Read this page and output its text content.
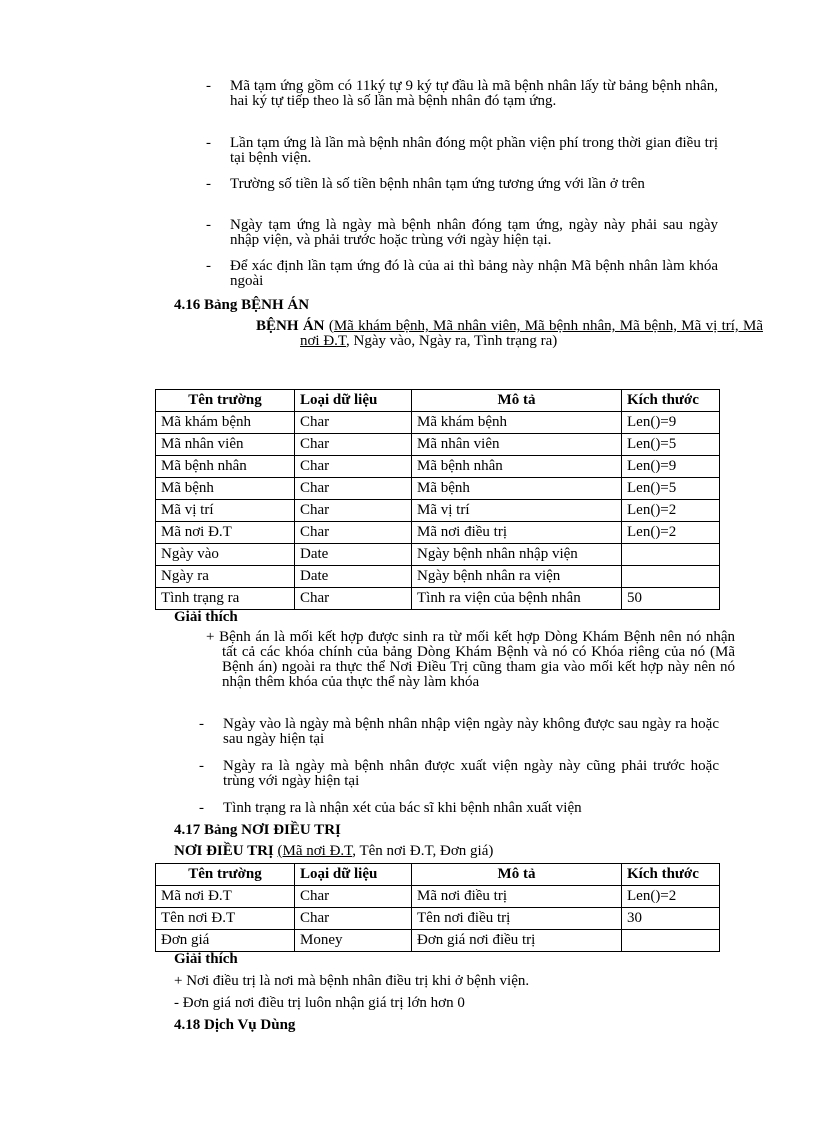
-	Mã tạm ứng gồm có 11ký tự 9 ký tự đầu là mã bệnh nhân lấy từ bảng bệnh nhân, hai ký tự tiếp theo là số lần mà bệnh nhân đó tạm ứng.
-	Lần tạm ứng là lần mà bệnh nhân đóng một phần viện phí trong thời gian điều trị tại bệnh viện.
-	Trường số tiền là số tiền bệnh nhân tạm ứng tương ứng với lần ở trên
-	Ngày tạm ứng là ngày mà bệnh nhân đóng tạm ứng, ngày này phải sau ngày nhập viện, và phải trước hoặc trùng với ngày hiện tại.
-	Để xác định lần tạm ứng đó là của ai thì bảng này nhận Mã bệnh nhân làm khóa ngoài
4.16 Bảng BỆNH ÁN
BỆNH ÁN (Mã khám bệnh, Mã nhân viên, Mã bệnh nhân, Mã bệnh, Mã vị trí, Mã nơi Đ.T, Ngày vào, Ngày ra, Tình trạng ra)
Tên trường	Loại dữ liệu	Mô tả	Kích thước
Mã khám bệnh	Char	Mã khám bệnh	Len()=9
Mã nhân viên	Char	Mã nhân viên	Len()=5
Mã bệnh nhân	Char	Mã bệnh nhân	Len()=9
Mã bệnh	Char	Mã bệnh	Len()=5
Mã vị trí	Char	Mã vị trí	Len()=2
Mã nơi Đ.T	Char	Mã nơi điều trị	Len()=2
Ngày vào	Date	Ngày bệnh nhân nhập viện	
Ngày ra	Date	Ngày bệnh nhân ra viện	
Tình trạng ra	Char	Tình ra viện của bệnh nhân	50
Giải thích
+ Bệnh án là mối kết hợp được sinh ra từ mối kết hợp Dòng Khám Bệnh nên nó nhận tất cả các khóa chính của bảng Dòng Khám Bệnh và nó có Khóa riêng của nó (Mã Bệnh án) ngoài ra thực thể Nơi Điều Trị cũng tham gia vào mối kết hợp này nên nó nhận thêm khóa của thực thể này làm khóa
-	Ngày vào là ngày mà bệnh nhân nhập viện ngày này không được sau ngày ra hoặc sau ngày hiện tại
-	Ngày ra là ngày mà bệnh nhân được xuất viện ngày này cũng phải trước hoặc trùng với ngày hiện tại
-	Tình trạng ra là nhận xét của bác sĩ khi bệnh nhân xuất viện
4.17 Bảng NƠI ĐIỀU TRỊ
NƠI ĐIỀU TRỊ (Mã nơi Đ.T, Tên nơi Đ.T, Đơn giá)
Tên trường	Loại dữ liệu	Mô tả	Kích thước
Mã nơi Đ.T	Char	Mã nơi điều trị	Len()=2
Tên nơi Đ.T	Char	Tên nơi điều trị	30
Đơn giá	Money	Đơn giá nơi điều trị	
Giải thích
+ Nơi điều trị là nơi mà bệnh nhân điều trị khi ở bệnh viện.
- Đơn giá nơi điều trị luôn nhận giá trị lớn hơn 0
4.18 Dịch Vụ Dùng
